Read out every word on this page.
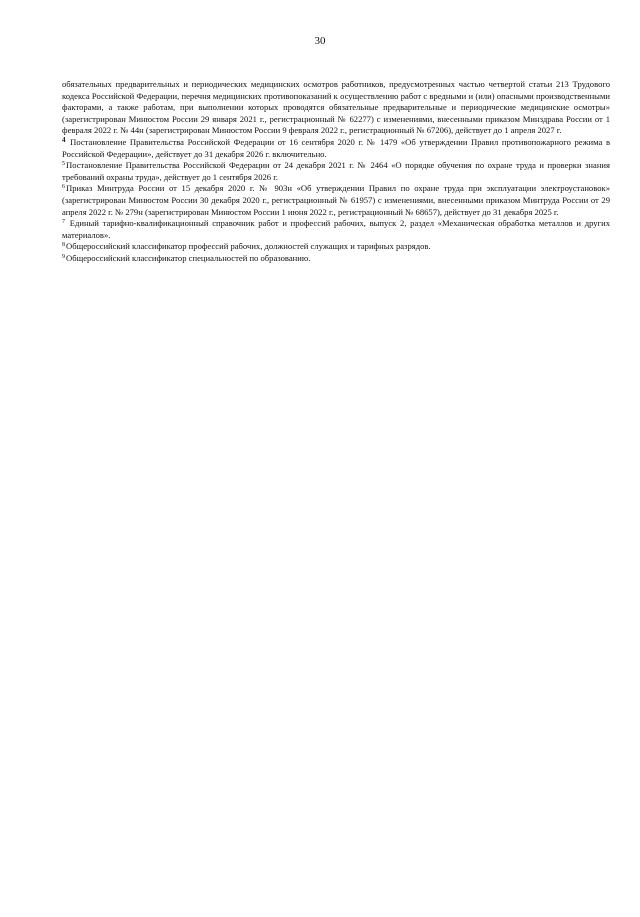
30

обязательных предварительных и периодических медицинских осмотров работников, предусмотренных частью четвертой статьи 213 Трудового кодекса Российской Федерации, перечня медицинских противопоказаний к осуществлению работ с вредными и (или) опасными производственными факторами, а также работам, при выполнении которых проводятся обязательные предварительные и периодические медицинские осмотры» (зарегистрирован Минюстом России 29 января 2021 г., регистрационный № 62277) с изменениями, внесенными приказом Минздрава России от 1 февраля 2022 г. № 44н (зарегистрирован Минюстом России 9 февраля 2022 г., регистрационный № 67206), действует до 1 апреля 2027 г.

$^4$ Постановление Правительства Российской Федерации от 16 сентября 2020 г. № 1479 «Об утверждении Правил противопожарного режима в Российской Федерации», действует до 31 декабря 2026 г. включительно.

$^5$Постановление Правительства Российской Федерации от 24 декабря 2021 г. № 2464 «О порядке обучения по охране труда и проверки знания требований охраны труда», действует до 1 сентября 2026 г.

$^6$Приказ Минтруда России от 15 декабря 2020 г. № 903н «Об утверждении Правил по охране труда при эксплуатации электроустановок» (зарегистрирован Минюстом России 30 декабря 2020 г., регистрационный № 61957) с изменениями, внесенными приказом Минтруда России от 29 апреля 2022 г. № 279н (зарегистрирован Минюстом России 1 июня 2022 г., регистрационный № 68657), действует до 31 декабря 2025 г.

$^7$ Единый тарифно-квалификационный справочник работ и профессий рабочих, выпуск 2, раздел «Механическая обработка металлов и других материалов».

$^8$Общероссийский классификатор профессий рабочих, должностей служащих и тарифных разрядов.

$^9$Общероссийский классификатор специальностей по образованию.
